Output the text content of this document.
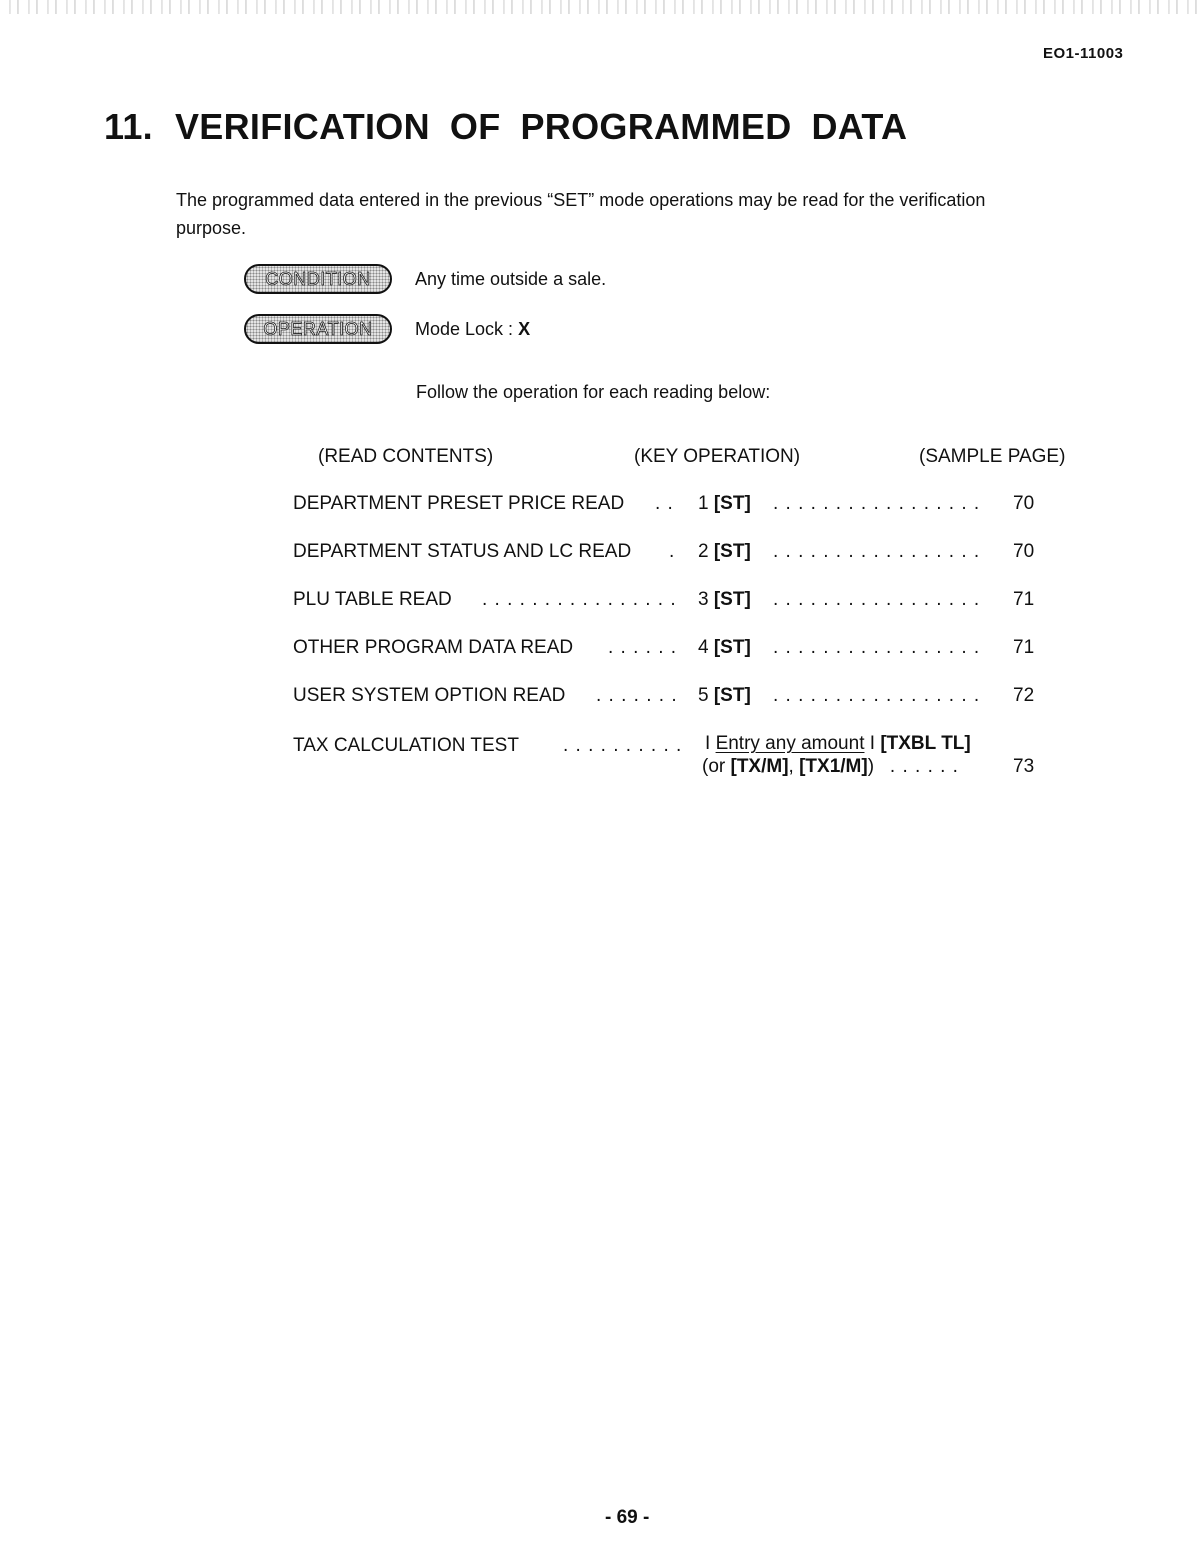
EO1-11003
11. VERIFICATION OF PROGRAMMED DATA
The programmed data entered in the previous “SET” mode operations may be read for the verification purpose.
CONDITION Any time outside a sale.
OPERATION Mode Lock : X
Follow the operation for each reading below:
(READ CONTENTS)	(KEY OPERATION)	(SAMPLE PAGE)
DEPARTMENT PRESET PRICE READ . . 1 [ST] . . . . . . . . . . . . . . . . . 70
DEPARTMENT STATUS AND LC READ . 2 [ST] . . . . . . . . . . . . . . . . . 70
PLU TABLE READ . . . . . . . . . . . . . . . . 3 [ST] . . . . . . . . . . . . . . . . . 71
OTHER PROGRAM DATA READ . . . . . . 4 [ST] . . . . . . . . . . . . . . . . . 71
USER SYSTEM OPTION READ . . . . . . . 5 [ST] . . . . . . . . . . . . . . . . . 72
TAX CALCULATION TEST . . . . . . . . . . I Entry any amount I [TXBL TL]
(or [TX/M], [TX1/M]) . . . . . .	73
- 69 -
